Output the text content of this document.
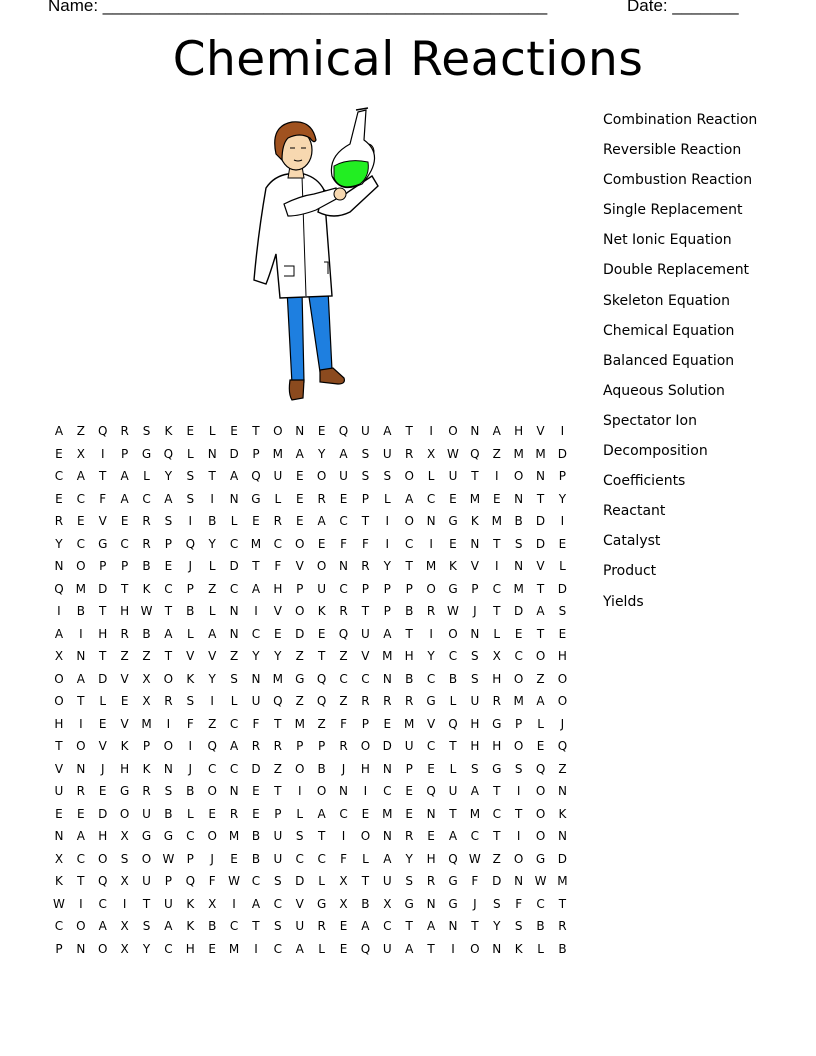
Name: _______________________________________________	Date: _______
Chemical Reactions
Combination Reaction
Reversible Reaction
Combustion Reaction
Single Replacement
Net Ionic Equation
Double Replacement
Skeleton Equation
Chemical Equation
Balanced Equation
Aqueous Solution
Spectator Ion
Decomposition
Coefficients
Reactant
Catalyst
Product
Yields
A	Z	Q	R	S	K	E	L	E	T	O	N	E	Q	U	A	T	I	O	N	A	H	V	I
E	X	I	P	G	Q	L	N	D	P	M	A	Y	A	S	U	R	X	W	Q	Z	M	M	D
C	A	T	A	L	Y	S	T	A	Q	U	E	O	U	S	S	O	L	U	T	I	O	N	P
E	C	F	A	C	A	S	I	N	G	L	E	R	E	P	L	A	C	E	M	E	N	T	Y
R	E	V	E	R	S	I	B	L	E	R	E	A	C	T	I	O	N	G	K	M	B	D	I
Y	C	G	C	R	P	Q	Y	C	M	C	O	E	F	F	I	C	I	E	N	T	S	D	E
N	O	P	P	B	E	J	L	D	T	F	V	O	N	R	Y	T	M	K	V	I	N	V	L
Q	M	D	T	K	C	P	Z	C	A	H	P	U	C	P	P	P	O	G	P	C	M	T	D
I	B	T	H	W	T	B	L	N	I	V	O	K	R	T	P	B	R	W	J	T	D	A	S
A	I	H	R	B	A	L	A	N	C	E	D	E	Q	U	A	T	I	O	N	L	E	T	E
X	N	T	Z	Z	T	V	V	Z	Y	Y	Z	T	Z	V	M	H	Y	C	S	X	C	O	H
O	A	D	V	X	O	K	Y	S	N	M	G	Q	C	C	N	B	C	B	S	H	O	Z	O
O	T	L	E	X	R	S	I	L	U	Q	Z	Q	Z	R	R	R	G	L	U	R	M	A	O
H	I	E	V	M	I	F	Z	C	F	T	M	Z	F	P	E	M	V	Q	H	G	P	L	J
T	O	V	K	P	O	I	Q	A	R	R	P	P	R	O	D	U	C	T	H	H	O	E	Q
V	N	J	H	K	N	J	C	C	D	Z	O	B	J	H	N	P	E	L	S	G	S	Q	Z
U	R	E	G	R	S	B	O	N	E	T	I	O	N	I	C	E	Q	U	A	T	I	O	N
E	E	D	O	U	B	L	E	R	E	P	L	A	C	E	M	E	N	T	M	C	T	O	K
N	A	H	X	G	G	C	O	M	B	U	S	T	I	O	N	R	E	A	C	T	I	O	N
X	C	O	S	O	W	P	J	E	B	U	C	C	F	L	A	Y	H	Q	W	Z	O	G	D
K	T	Q	X	U	P	Q	F	W	C	S	D	L	X	T	U	S	R	G	F	D	N	W	M
W	I	C	I	T	U	K	X	I	A	C	V	G	X	B	X	G	N	G	J	S	F	C	T
C	O	A	X	S	A	K	B	C	T	S	U	R	E	A	C	T	A	N	T	Y	S	B	R
P	N	O	X	Y	C	H	E	M	I	C	A	L	E	Q	U	A	T	I	O	N	K	L	B
